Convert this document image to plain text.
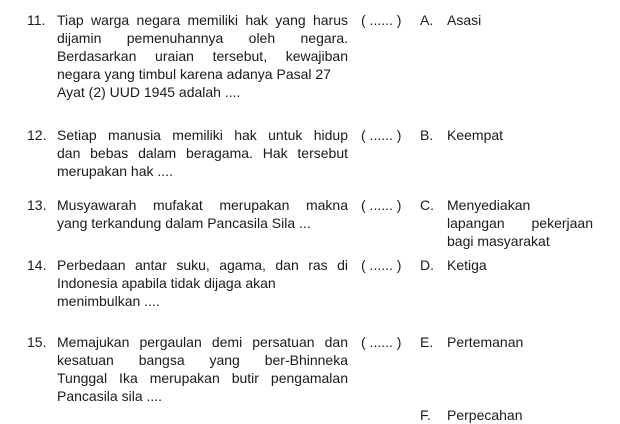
11. Tiap warga negara memiliki hak yang harus
dijamin pemenuhannya oleh negara.
Berdasarkan uraian tersebut, kewajiban
negara yang timbul karena adanya Pasal 27
Ayat (2) UUD 1945 adalah ....
( ...... )
12. Setiap manusia memiliki hak untuk hidup
dan bebas dalam beragama. Hak tersebut
merupakan hak ....
( ...... )
13. Musyawarah mufakat merupakan makna
yang terkandung dalam Pancasila Sila ...
( ...... )
14. Perbedaan antar suku, agama, dan ras di
Indonesia apabila tidak dijaga akan
menimbulkan ....
( ...... )
15. Memajukan pergaulan demi persatuan dan
kesatuan bangsa yang ber-Bhinneka
Tunggal Ika merupakan butir pengamalan
Pancasila sila ....
( ...... )
A. Asasi
B. Keempat
C. Menyediakan
lapangan pekerjaan
bagi masyarakat
D. Ketiga
E. Pertemanan
F.	Perpecahan
